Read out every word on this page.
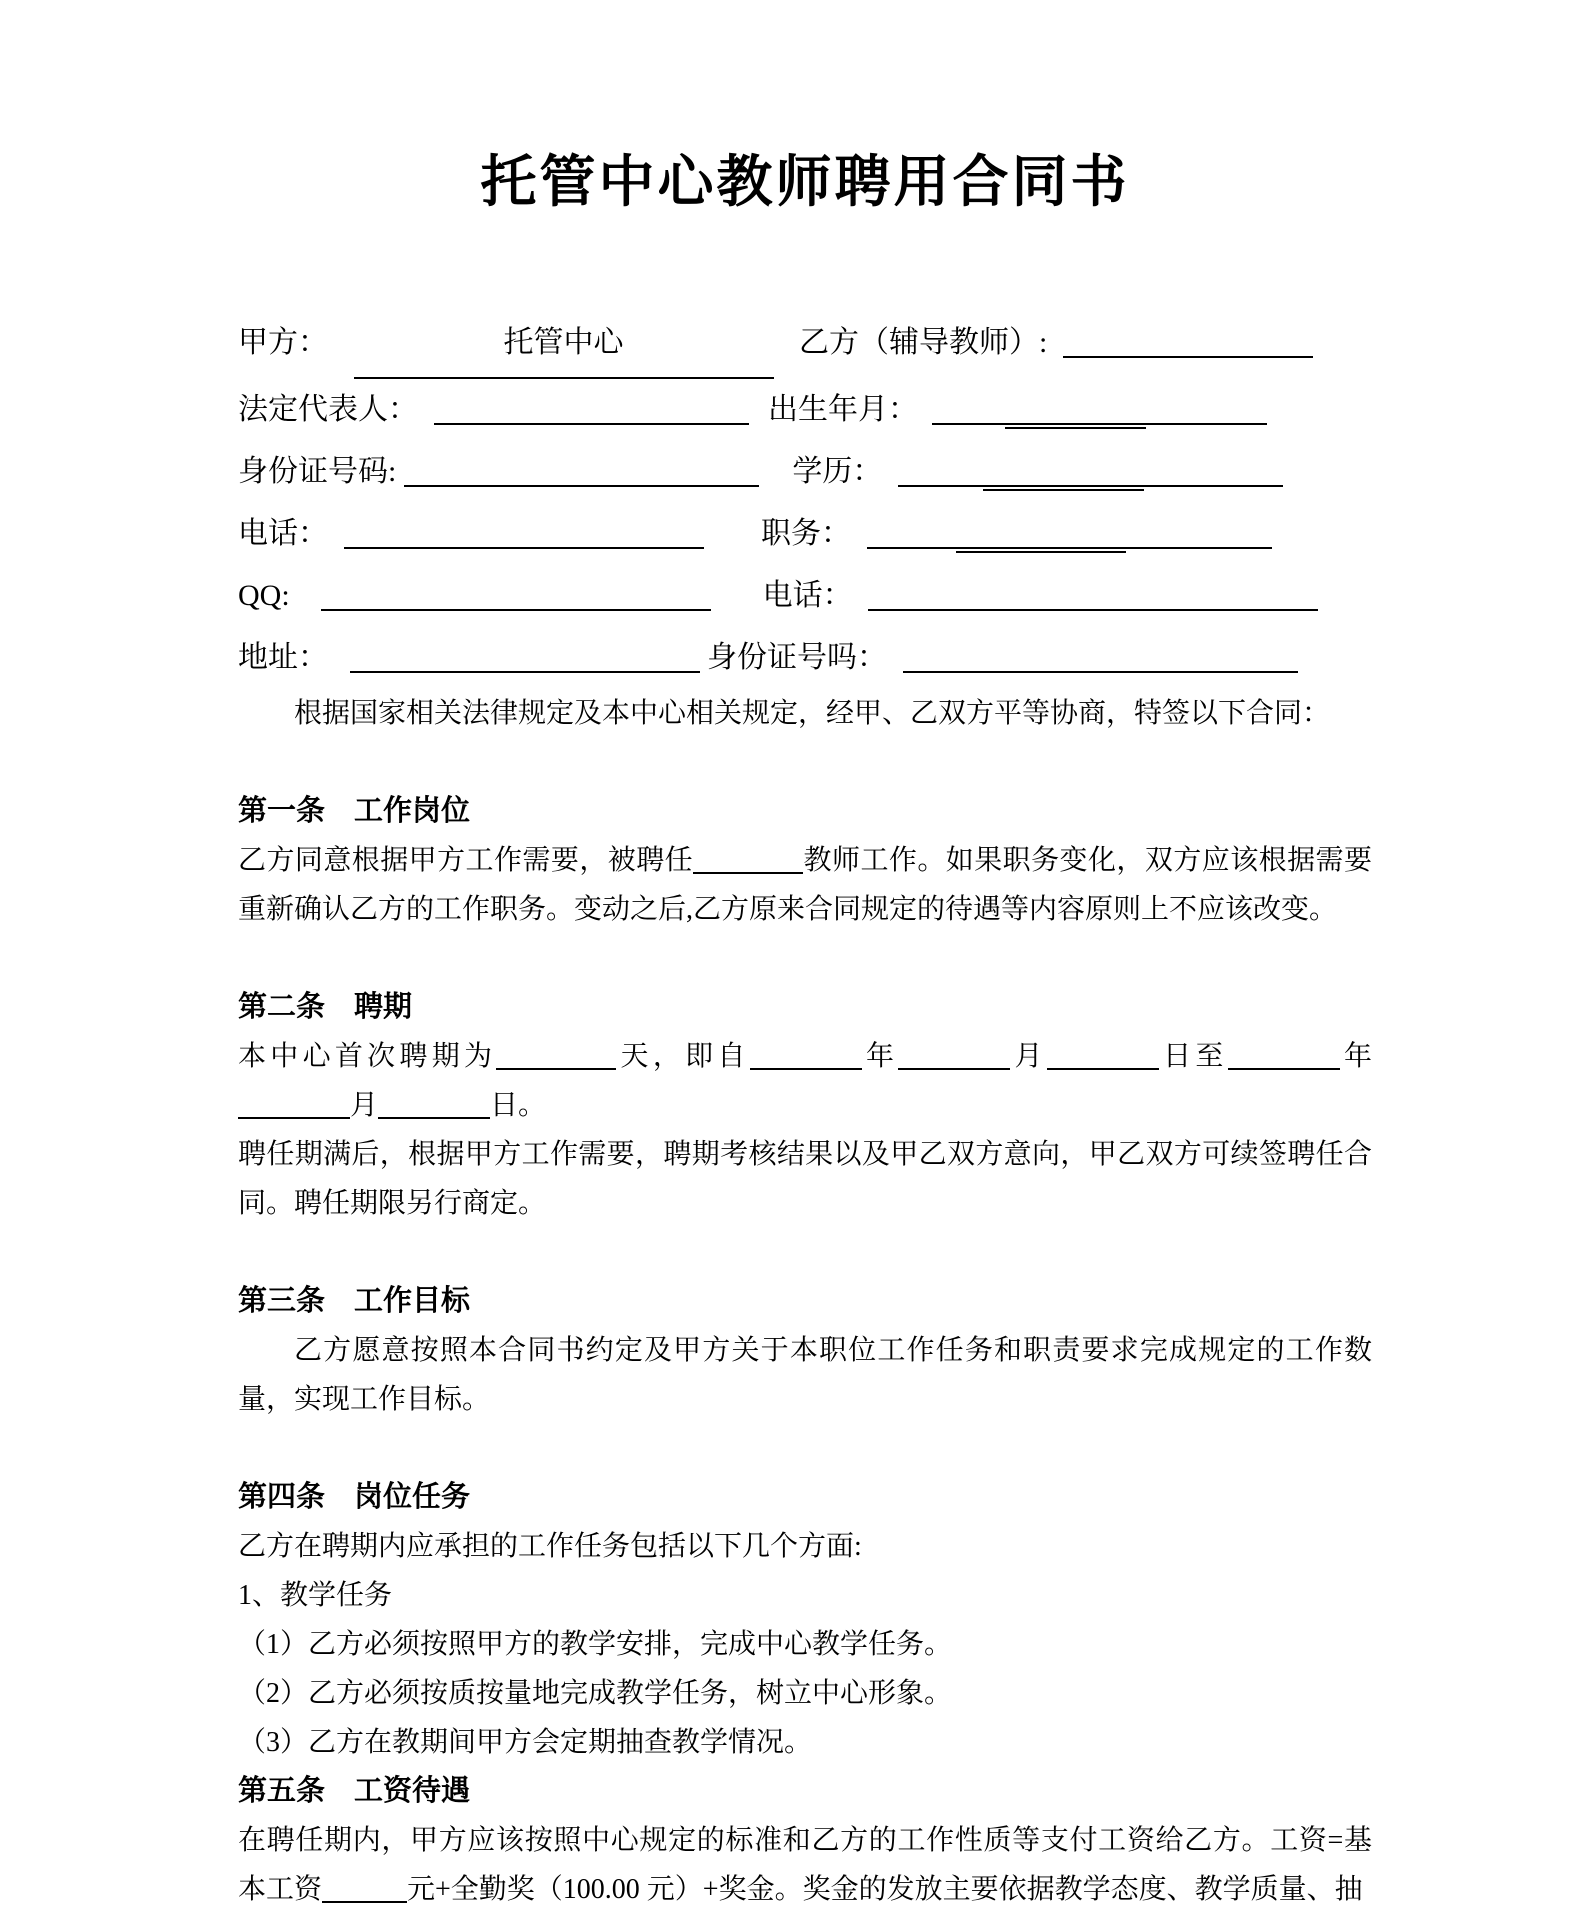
托管中心教师聘用合同书
甲方：	托管中心	乙方（辅导教师）:
法定代表人：	出生年月：
身份证号码:	学历：
电话：	职务：
QQ:	电话：
地址：	身份证号吗：

根据国家相关法律规定及本中心相关规定，经甲、乙双方平等协商，特签以下合同：

第一条　工作岗位

乙方同意根据甲方工作需要，被聘任	教师工作。如果职务变化，双方应该根据需要重新确认乙方的工作职务。变动之后,乙方原来合同规定的待遇等内容原则上不应该改变。

第二条　聘期

本中心首次聘期为	天，即自	年	月	日至	年月	日。

聘任期满后，根据甲方工作需要，聘期考核结果以及甲乙双方意向，甲乙双方可续签聘任合同。聘任期限另行商定。

第三条　工作目标

乙方愿意按照本合同书约定及甲方关于本职位工作任务和职责要求完成规定的工作数量，实现工作目标。

第四条　岗位任务

乙方在聘期内应承担的工作任务包括以下几个方面:

1、教学任务

（1）乙方必须按照甲方的教学安排，完成中心教学任务。

（2）乙方必须按质按量地完成教学任务，树立中心形象。

（3）乙方在教期间甲方会定期抽查教学情况。

第五条　工资待遇

在聘任期内，甲方应该按照中心规定的标准和乙方的工作性质等支付工资给乙方。工资=基本工资	元+全勤奖（100.00 元）+奖金。奖金的发放主要依据教学态度、教学质量、抽
